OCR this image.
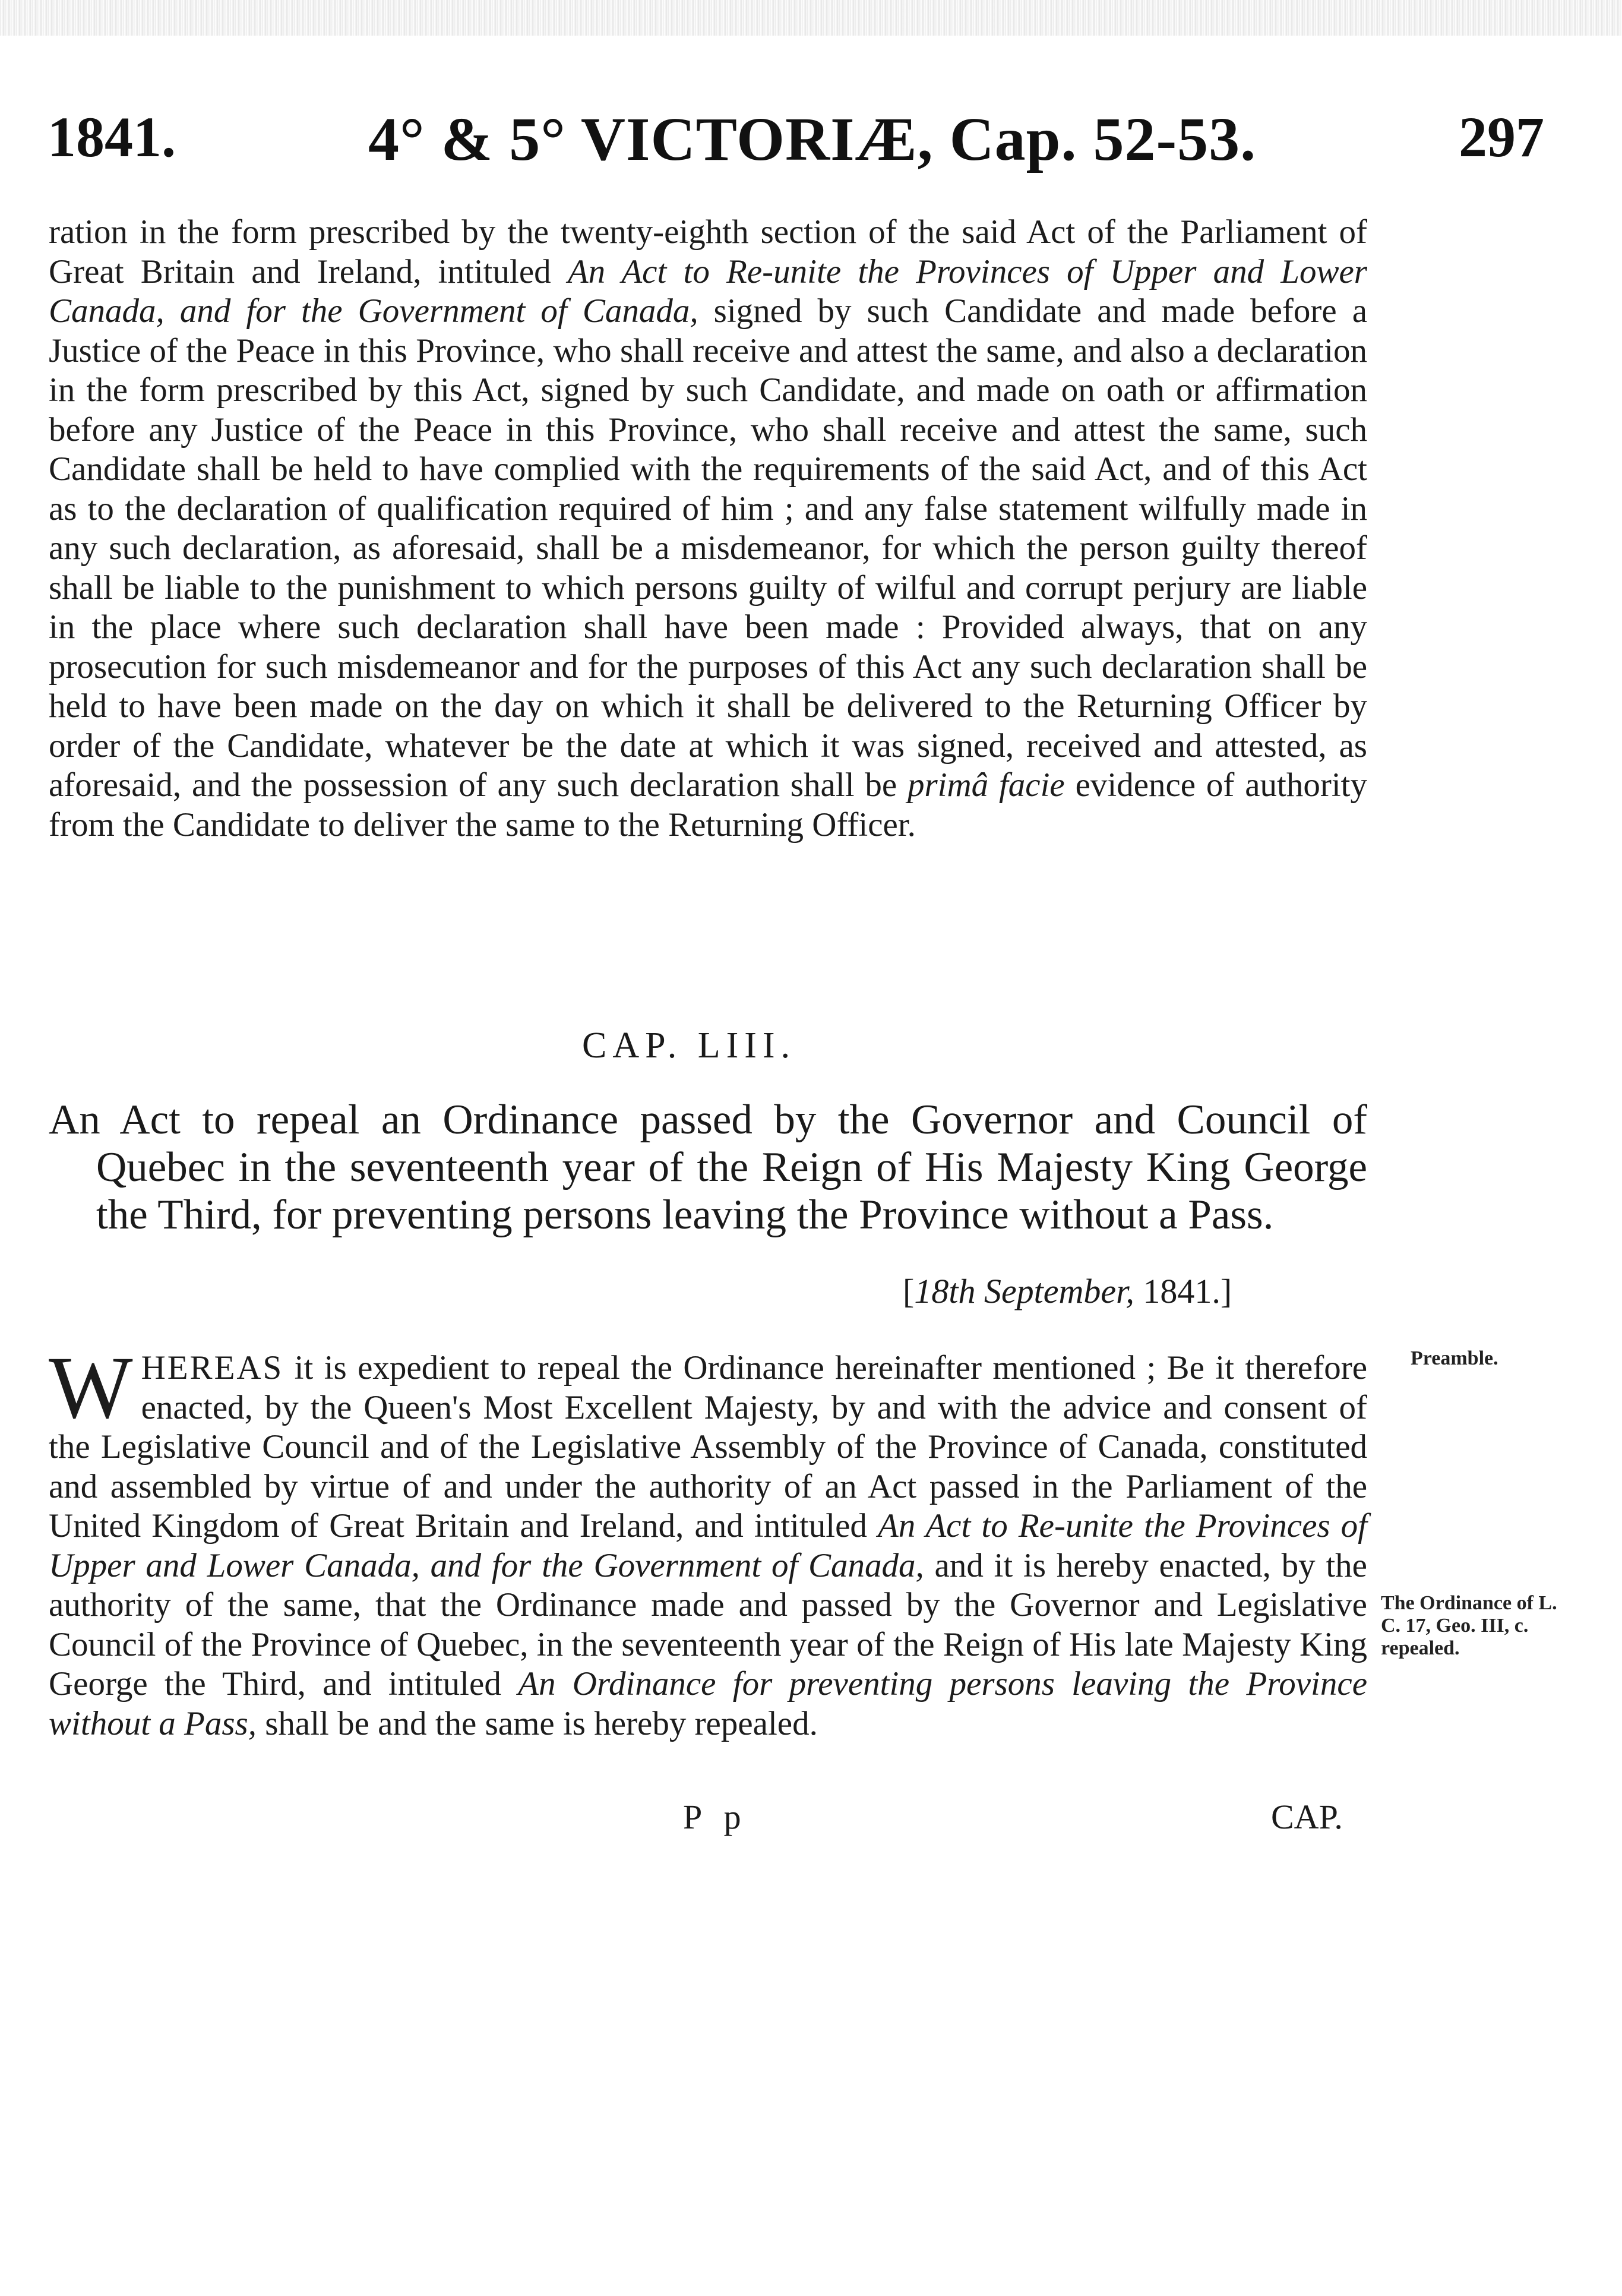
1841.	4° & 5° VICTORIÆ, Cap. 52-53.	297
ration in the form prescribed by the twenty-eighth section of the said Act of the Parliament of Great Britain and Ireland, intituled An Act to Re-unite the Provinces of Upper and Lower Canada, and for the Government of Canada, signed by such Candidate and made before a Justice of the Peace in this Province, who shall receive and attest the same, and also a declaration in the form prescribed by this Act, signed by such Candidate, and made on oath or affirmation before any Justice of the Peace in this Province, who shall receive and attest the same, such Candidate shall be held to have complied with the requirements of the said Act, and of this Act as to the declaration of qualification required of him ; and any false statement wilfully made in any such declaration, as aforesaid, shall be a misdemeanor, for which the person guilty thereof shall be liable to the punishment to which persons guilty of wilful and corrupt perjury are liable in the place where such declaration shall have been made : Provided always, that on any prosecution for such misdemeanor and for the purposes of this Act any such declaration shall be held to have been made on the day on which it shall be delivered to the Returning Officer by order of the Candidate, whatever be the date at which it was signed, received and attested, as aforesaid, and the possession of any such declaration shall be primâ facie evidence of authority from the Candidate to deliver the same to the Returning Officer.
CAP. LIII.
An Act to repeal an Ordinance passed by the Governor and Council of Quebec in the seventeenth year of the Reign of His Majesty King George the Third, for preventing persons leaving the Province without a Pass.
[18th September, 1841.]
WHEREAS it is expedient to repeal the Ordinance hereinafter mentioned ; Be it therefore enacted, by the Queen's Most Excellent Majesty, by and with the advice and consent of the Legislative Council and of the Legislative Assembly of the Province of Canada, constituted and assembled by virtue of and under the authority of an Act passed in the Parliament of the United Kingdom of Great Britain and Ireland, and intituled An Act to Re-unite the Provinces of Upper and Lower Canada, and for the Government of Canada, and it is hereby enacted, by the authority of the same, that the Ordinance made and passed by the Governor and Legislative Council of the Province of Quebec, in the seventeenth year of the Reign of His late Majesty King George the Third, and intituled An Ordinance for preventing persons leaving the Province without a Pass, shall be and the same is hereby repealed.
Preamble.
The Ordinance of L. C. 17, Geo. III, c. repealed.
P p	CAP.
